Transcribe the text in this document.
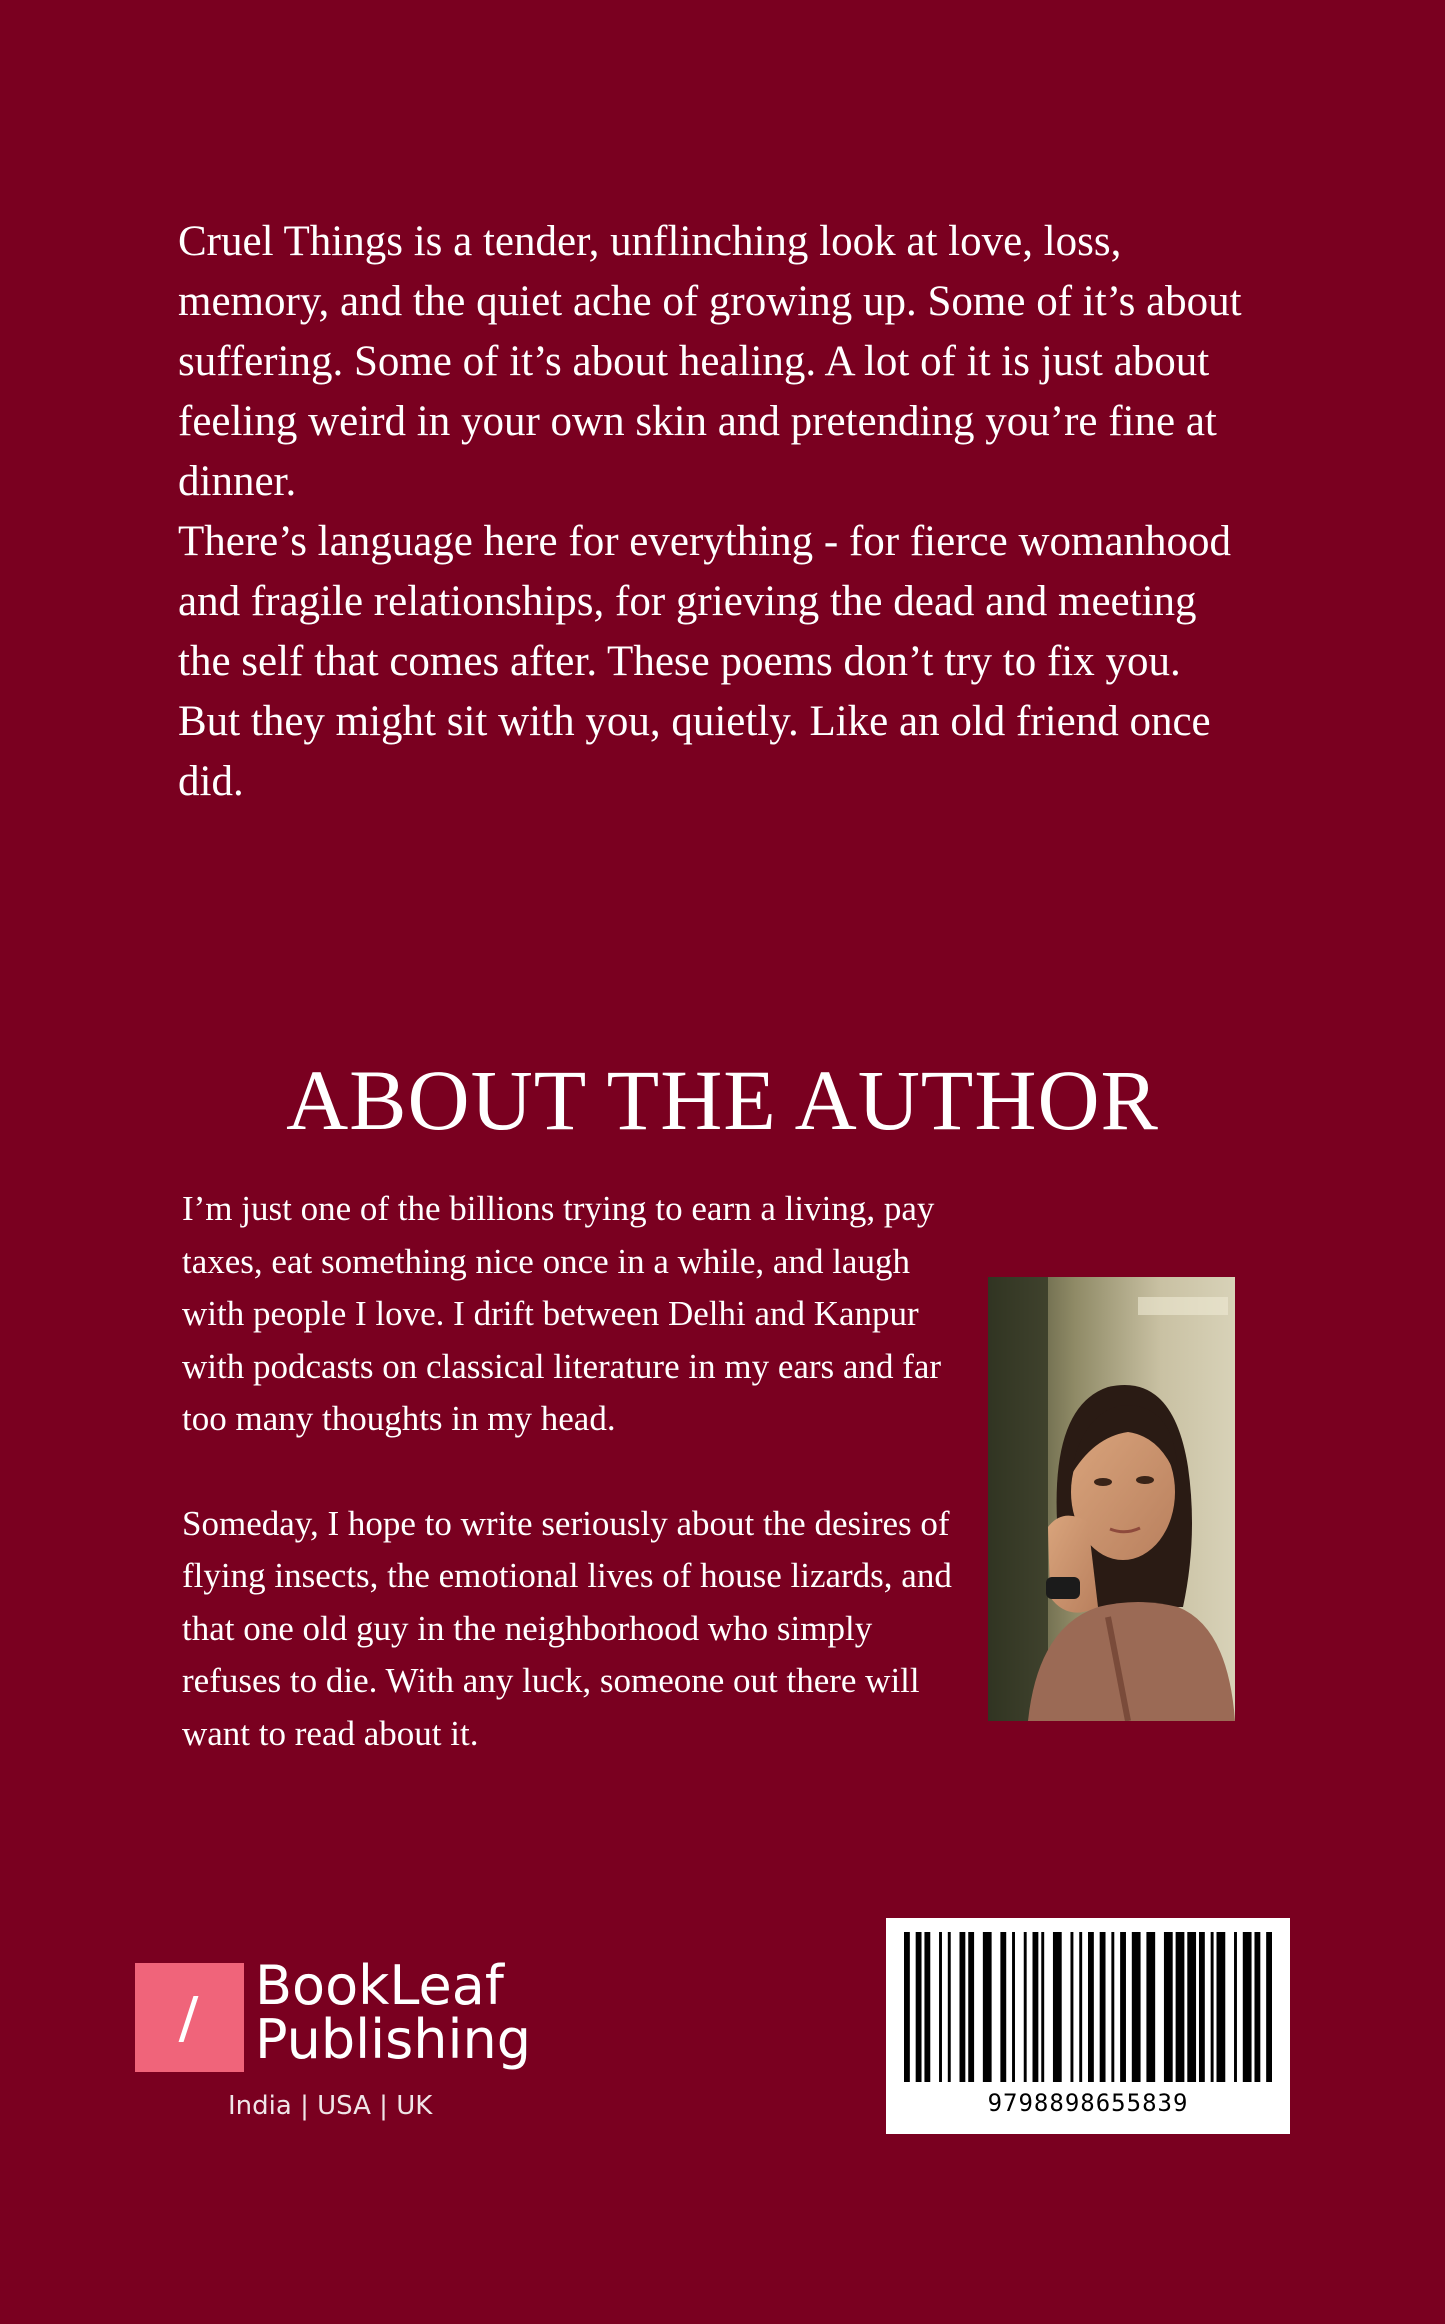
Cruel Things is a tender, unflinching look at love, loss, memory, and the quiet ache of growing up. Some of it’s about suffering. Some of it’s about healing. A lot of it is just about feeling weird in your own skin and pretending you’re fine at dinner.

There’s language here for everything - for fierce womanhood and fragile relationships, for grieving the dead and meeting the self that comes after. These poems don’t try to fix you. But they might sit with you, quietly. Like an old friend once did.

ABOUT THE AUTHOR

I’m just one of the billions trying to earn a living, pay taxes, eat something nice once in a while, and laugh with people I love. I drift between Delhi and Kanpur with podcasts on classical literature in my ears and far too many thoughts in my head.

Someday, I hope to write seriously about the desires of flying insects, the emotional lives of house lizards, and that one old guy in the neighborhood who simply refuses to die. With any luck, someone out there will want to read about it.

BookLeaf
Publishing
India | USA | UK	9798898655839
